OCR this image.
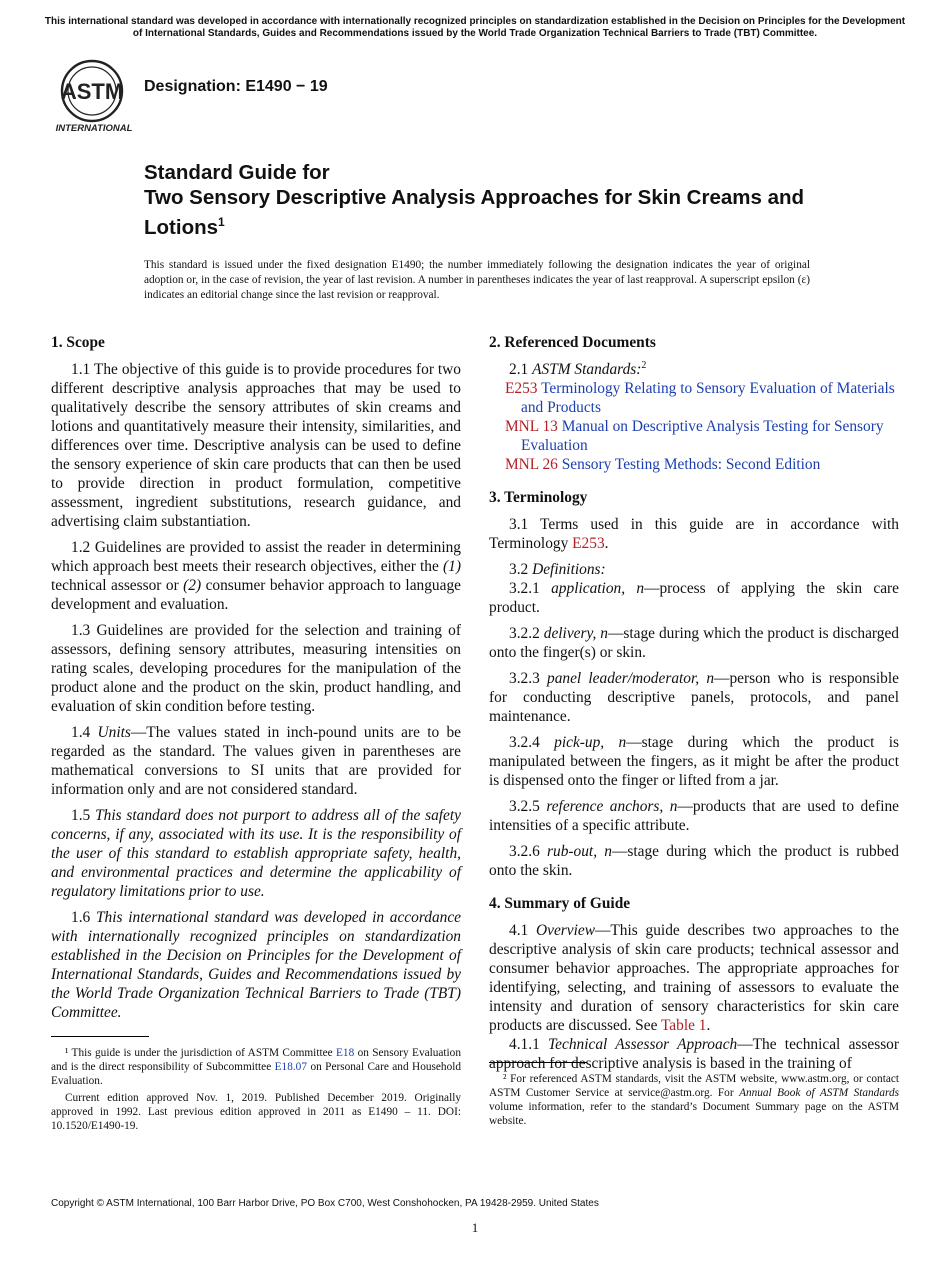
This international standard was developed in accordance with internationally recognized principles on standardization established in the Decision on Principles for the Development of International Standards, Guides and Recommendations issued by the World Trade Organization Technical Barriers to Trade (TBT) Committee.
ASTM
INTERNATIONAL
Designation: E1490 − 19
Standard Guide for
Two Sensory Descriptive Analysis Approaches for Skin Creams and Lotions$^1$
This standard is issued under the fixed designation E1490; the number immediately following the designation indicates the year of original adoption or, in the case of revision, the year of last revision. A number in parentheses indicates the year of last reapproval. A superscript epsilon (ε) indicates an editorial change since the last revision or reapproval.
1. Scope

1.1 The objective of this guide is to provide procedures for two different descriptive analysis approaches that may be used to qualitatively describe the sensory attributes of skin creams and lotions and quantitatively measure their intensity, similarities, and differences over time. Descriptive analysis can be used to define the sensory experience of skin care products that can then be used to provide direction in product formulation, competitive assessment, ingredient substitutions, research guidance, and advertising claim substantiation.

1.2 Guidelines are provided to assist the reader in determining which approach best meets their research objectives, either the (1) technical assessor or (2) consumer behavior approach to language development and evaluation.

1.3 Guidelines are provided for the selection and training of assessors, defining sensory attributes, measuring intensities on rating scales, developing procedures for the manipulation of the product alone and the product on the skin, product handling, and evaluation of skin condition before testing.

1.4 Units—The values stated in inch-pound units are to be regarded as the standard. The values given in parentheses are mathematical conversions to SI units that are provided for information only and are not considered standard.

1.5 This standard does not purport to address all of the safety concerns, if any, associated with its use. It is the responsibility of the user of this standard to establish appropriate safety, health, and environmental practices and determine the applicability of regulatory limitations prior to use.

1.6 This international standard was developed in accordance with internationally recognized principles on standardization established in the Decision on Principles for the Development of International Standards, Guides and Recommendations issued by the World Trade Organization Technical Barriers to Trade (TBT) Committee.

¹ This guide is under the jurisdiction of ASTM Committee E18 on Sensory Evaluation and is the direct responsibility of Subcommittee E18.07 on Personal Care and Household Evaluation.

Current edition approved Nov. 1, 2019. Published December 2019. Originally approved in 1992. Last previous edition approved in 2011 as E1490 – 11. DOI: 10.1520/E1490-19.

2. Referenced Documents

2.1 ASTM Standards:$^2$

E253 Terminology Relating to Sensory Evaluation of Materials and Products

MNL 13 Manual on Descriptive Analysis Testing for Sensory Evaluation

MNL 26 Sensory Testing Methods: Second Edition

3. Terminology

3.1 Terms used in this guide are in accordance with Terminology E253.

3.2 Definitions:

3.2.1 application, n—process of applying the skin care product.

3.2.2 delivery, n—stage during which the product is discharged onto the finger(s) or skin.

3.2.3 panel leader/moderator, n—person who is responsible for conducting descriptive panels, protocols, and panel maintenance.

3.2.4 pick-up, n—stage during which the product is manipulated between the fingers, as it might be after the product is dispensed onto the finger or lifted from a jar.

3.2.5 reference anchors, n—products that are used to define intensities of a specific attribute.

3.2.6 rub-out, n—stage during which the product is rubbed onto the skin.

4. Summary of Guide

4.1 Overview—This guide describes two approaches to the descriptive analysis of skin care products; technical assessor and consumer behavior approaches. The appropriate approaches for identifying, selecting, and training of assessors to evaluate the intensity and duration of sensory characteristics for skin care products are discussed. See Table 1.

4.1.1 Technical Assessor Approach—The technical assessor approach for descriptive analysis is based in the training of

² For referenced ASTM standards, visit the ASTM website, www.astm.org, or contact ASTM Customer Service at service@astm.org. For Annual Book of ASTM Standards volume information, refer to the standard’s Document Summary page on the ASTM website.

Copyright © ASTM International, 100 Barr Harbor Drive, PO Box C700, West Conshohocken, PA 19428-2959. United States
1
